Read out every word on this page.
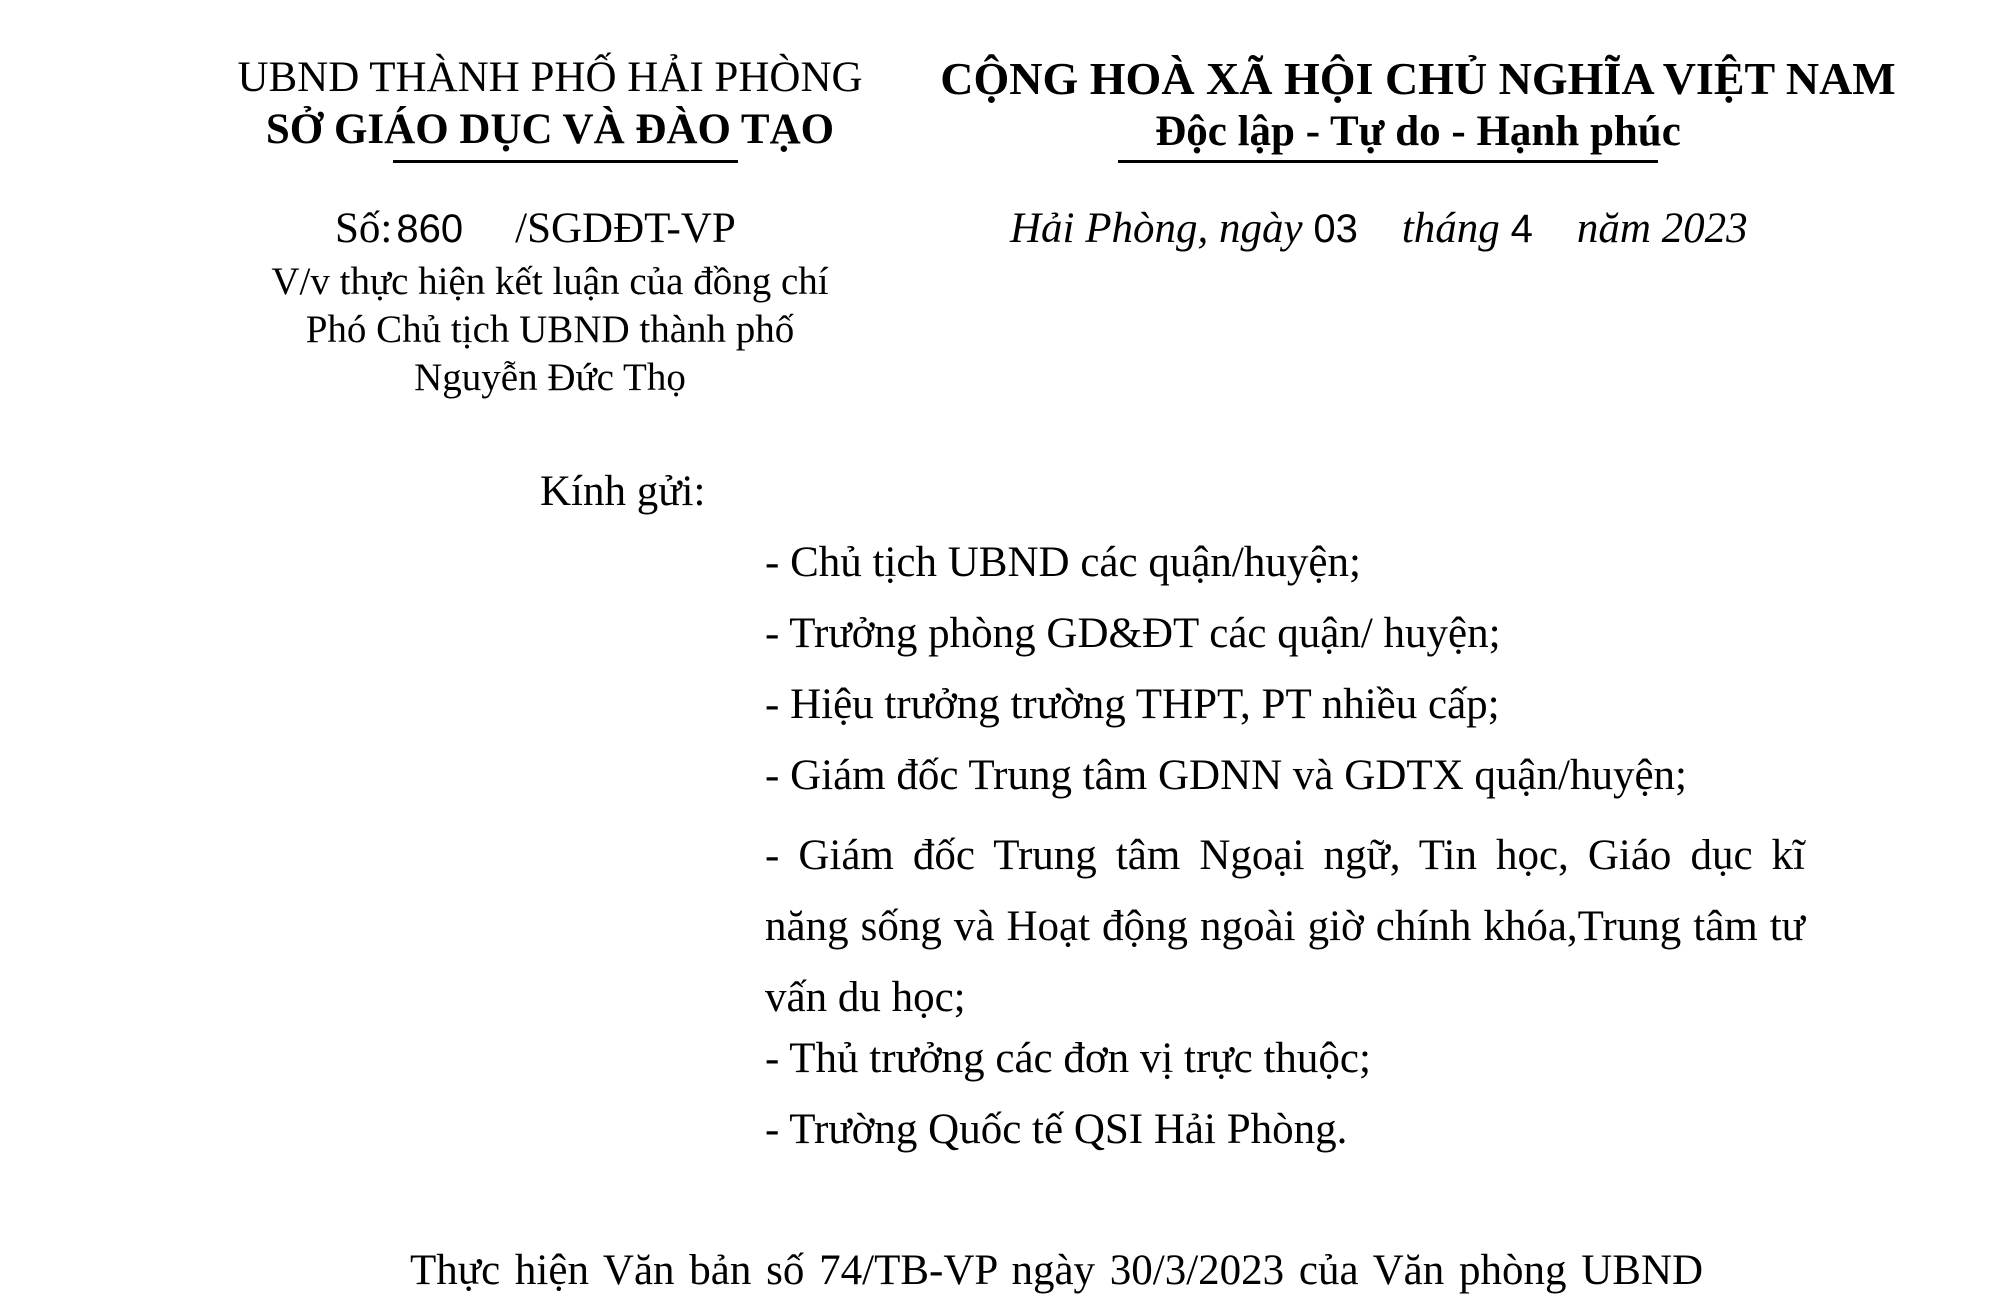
UBND THÀNH PHỐ HẢI PHÒNG
SỞ GIÁO DỤC VÀ ĐÀO TẠO
CỘNG HOÀ XÃ HỘI CHỦ NGHĨA VIỆT NAM
Độc lập - Tự do - Hạnh phúc
Số: 860 /SGDĐT-VP
V/v thực hiện kết luận của đồng chí
Phó Chủ tịch UBND thành phố
Nguyễn Đức Thọ
Hải Phòng, ngày 03 tháng 4 năm 2023
Kính gửi:
- Chủ tịch UBND các quận/huyện;
- Trưởng phòng GD&ĐT các quận/ huyện;
- Hiệu trưởng trường THPT, PT nhiều cấp;
- Giám đốc Trung tâm GDNN và GDTX quận/huyện;
- Giám đốc Trung tâm Ngoại ngữ, Tin học, Giáo dục kĩ năng sống và Hoạt động ngoài giờ chính khóa,Trung tâm tư vấn du học;
- Thủ trưởng các đơn vị trực thuộc;
- Trường Quốc tế QSI Hải Phòng.
Thực hiện Văn bản số 74/TB-VP ngày 30/3/2023 của Văn phòng UBND
